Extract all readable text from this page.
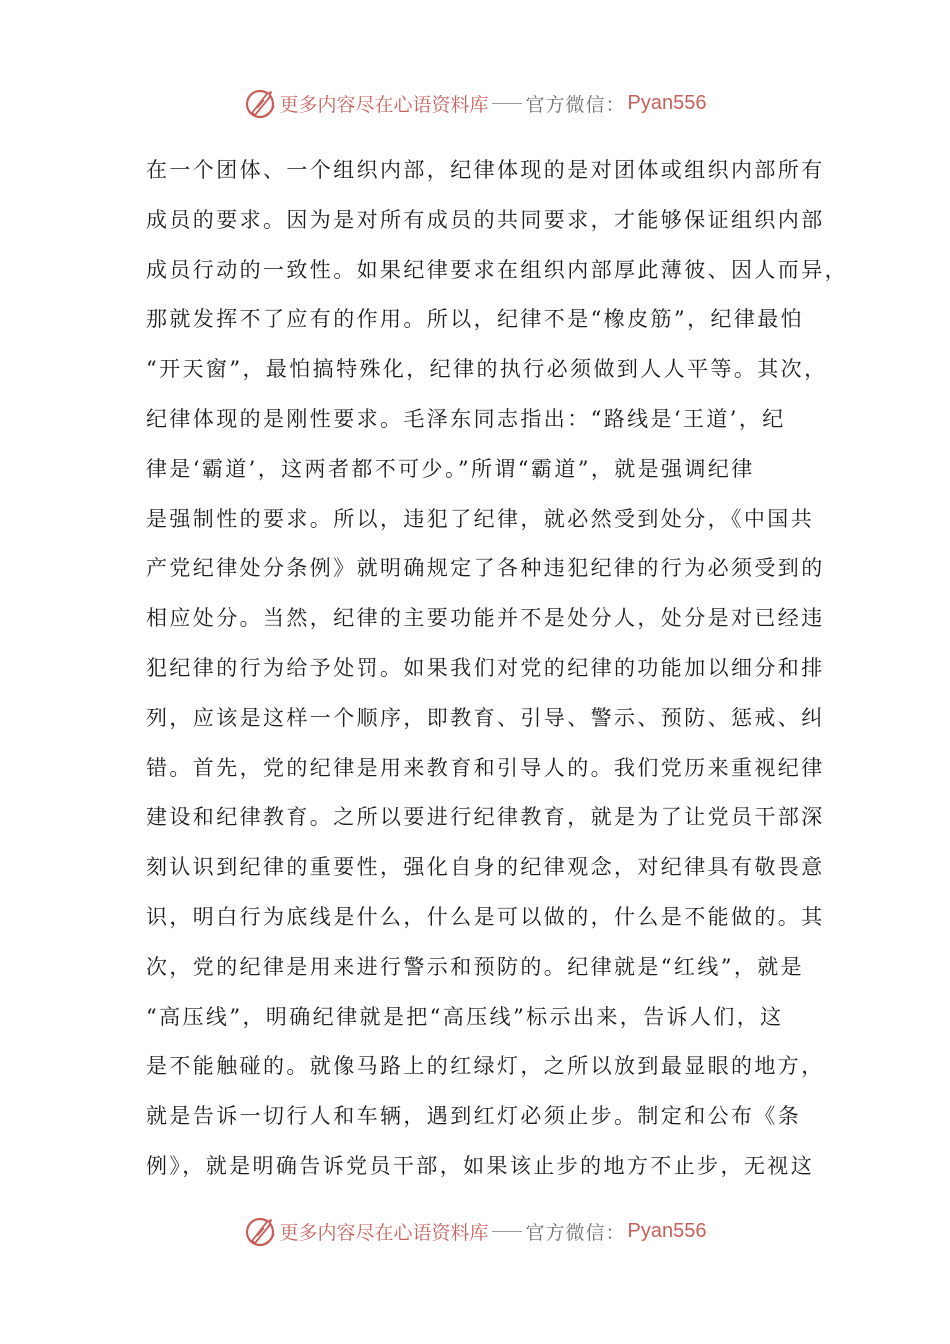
更多内容尽在心语资料库 官方微信： Pyan556
在一个团体、一个组织内部，纪律体现的是对团体或组织内部所有
成员的要求。因为是对所有成员的共同要求，才能够保证组织内部
成员行动的一致性。如果纪律要求在组织内部厚此薄彼、因人而异，
那就发挥不了应有的作用。所以，纪律不是“橡皮筋”，纪律最怕
“开天窗”，最怕搞特殊化，纪律的执行必须做到人人平等。其次，
纪律体现的是刚性要求。毛泽东同志指出：“路线是‘王道’，纪
律是‘霸道’，这两者都不可少。”所谓“霸道”，就是强调纪律
是强制性的要求。所以，违犯了纪律，就必然受到处分，《中国共
产党纪律处分条例》就明确规定了各种违犯纪律的行为必须受到的
相应处分。当然，纪律的主要功能并不是处分人，处分是对已经违
犯纪律的行为给予处罚。如果我们对党的纪律的功能加以细分和排
列，应该是这样一个顺序，即教育、引导、警示、预防、惩戒、纠
错。首先，党的纪律是用来教育和引导人的。我们党历来重视纪律
建设和纪律教育。之所以要进行纪律教育，就是为了让党员干部深
刻认识到纪律的重要性，强化自身的纪律观念，对纪律具有敬畏意
识，明白行为底线是什么，什么是可以做的，什么是不能做的。其
次，党的纪律是用来进行警示和预防的。纪律就是“红线”，就是
“高压线”，明确纪律就是把“高压线”标示出来，告诉人们，这
是不能触碰的。就像马路上的红绿灯，之所以放到最显眼的地方，
就是告诉一切行人和车辆，遇到红灯必须止步。制定和公布《条
例》，就是明确告诉党员干部，如果该止步的地方不止步，无视这
更多内容尽在心语资料库 官方微信： Pyan556
